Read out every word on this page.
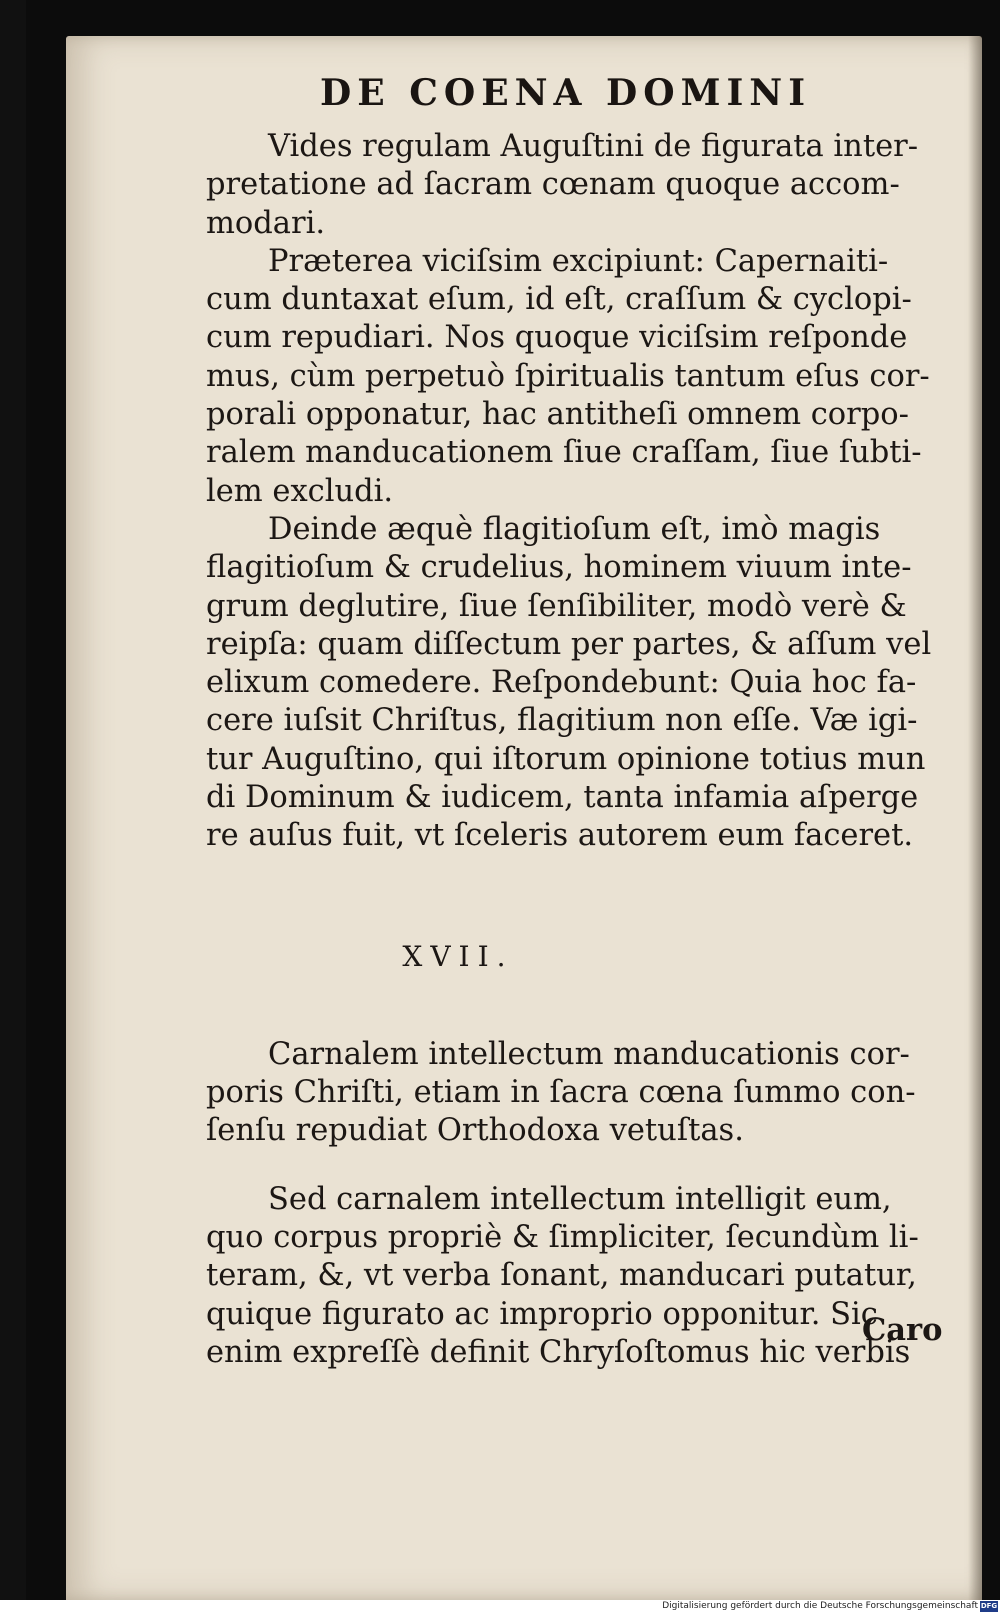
DE COENA DOMINI

Vides regulam Auguſtini de figurata inter-
pretatione ad ſacram cœnam quoque accom-
modari.

Præterea viciſsim excipiunt: Capernaiti-
cum duntaxat eſum, id eſt, craſſum & cyclopi-
cum repudiari. Nos quoque viciſsim reſponde
mus, cùm perpetuò ſpiritualis tantum eſus cor-
porali opponatur, hac antitheſi omnem corpo-
ralem manducationem ſiue craſſam, ſiue ſubti-
lem excludi.

Deinde æquè flagitioſum eſt, imò magis
flagitioſum & crudelius, hominem viuum inte-
grum deglutire, ſiue ſenſibiliter, modò verè &
reipſa: quam diſſectum per partes, & aſſum vel
elixum comedere. Reſpondebunt: Quia hoc fa-
cere iuſsit Chriſtus, flagitium non eſſe. Væ igi-
tur Auguſtino, qui iſtorum opinione totius mun
di Dominum & iudicem, tanta infamia aſperge
re auſus fuit, vt ſceleris autorem eum faceret.

XVII.

Carnalem intellectum manducationis cor-
poris Chriſti, etiam in ſacra cœna ſummo con-
ſenſu repudiat Orthodoxa vetuſtas.

Sed carnalem intellectum intelligit eum,
quo corpus propriè & ſimpliciter, ſecundùm li-
teram, &, vt verba ſonant, manducari putatur,
quique figurato ac improprio opponitur. Sic
enim expreſſè definit Chryſoſtomus hic verbis

Caro
Digitalisierung gefördert durch die Deutsche Forschungsgemeinschaft DFG
